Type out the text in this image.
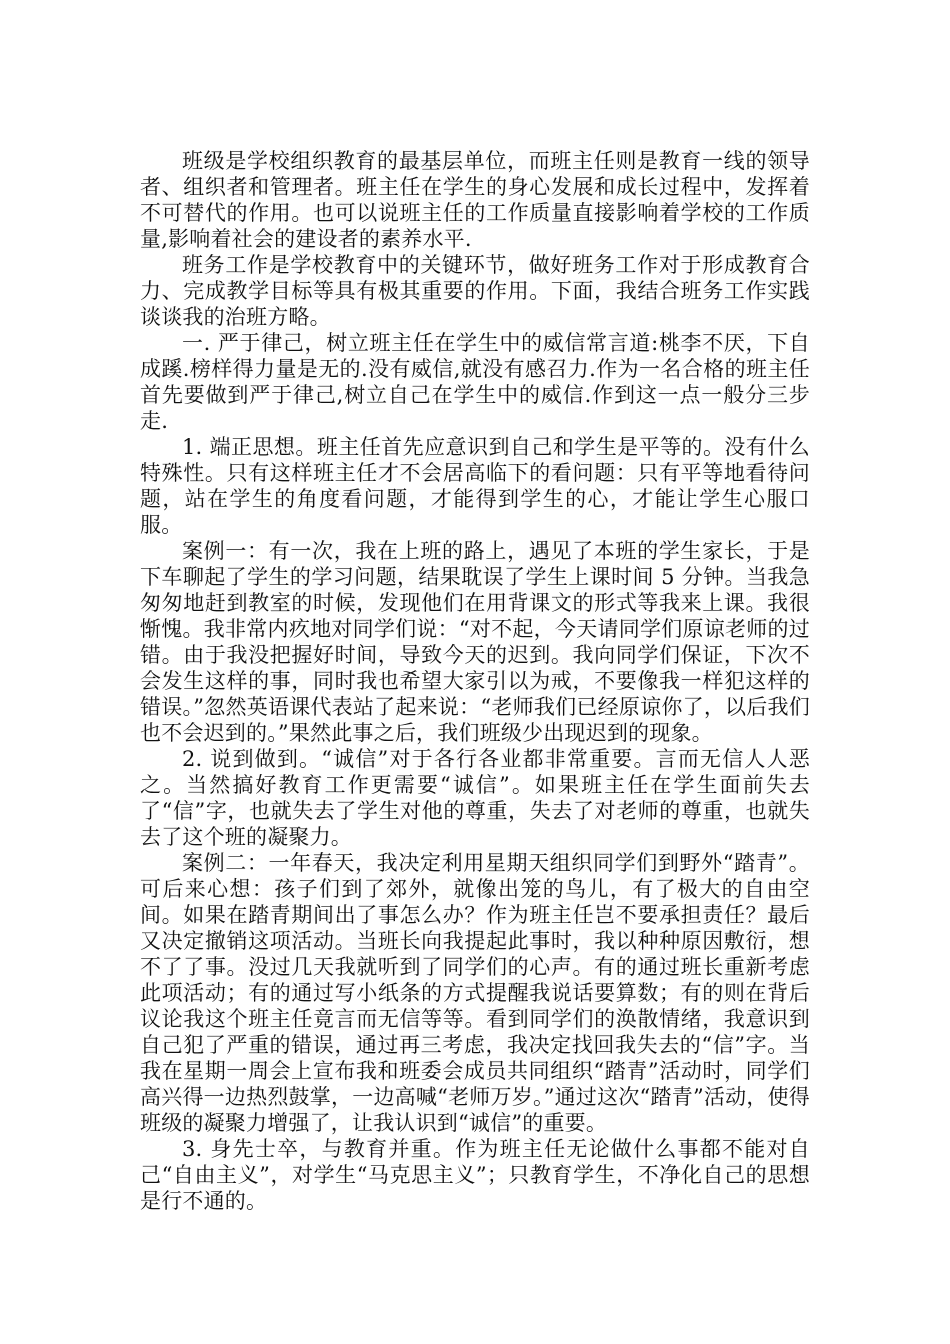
班级是学校组织教育的最基层单位，而班主任则是教育一线的领导者、组织者和管理者。班主任在学生的身心发展和成长过程中，发挥着不可替代的作用。也可以说班主任的工作质量直接影响着学校的工作质量,影响着社会的建设者的素养水平.

班务工作是学校教育中的关键环节，做好班务工作对于形成教育合力、完成教学目标等具有极其重要的作用。下面，我结合班务工作实践谈谈我的治班方略。

一. 严于律己，树立班主任在学生中的威信常言道:桃李不厌，下自成蹊.榜样得力量是无的.没有威信,就没有感召力.作为一名合格的班主任首先要做到严于律己,树立自己在学生中的威信.作到这一点一般分三步走.

1. 端正思想。班主任首先应意识到自己和学生是平等的。没有什么特殊性。只有这样班主任才不会居高临下的看问题：只有平等地看待问题，站在学生的角度看问题，才能得到学生的心，才能让学生心服口服。

案例一：有一次，我在上班的路上，遇见了本班的学生家长，于是下车聊起了学生的学习问题，结果耽误了学生上课时间 5 分钟。当我急匆匆地赶到教室的时候，发现他们在用背课文的形式等我来上课。我很惭愧。我非常内疚地对同学们说：“对不起，今天请同学们原谅老师的过错。由于我没把握好时间，导致今天的迟到。我向同学们保证，下次不会发生这样的事，同时我也希望大家引以为戒，不要像我一样犯这样的错误。”忽然英语课代表站了起来说：“老师我们已经原谅你了，以后我们也不会迟到的。”果然此事之后，我们班级少出现迟到的现象。

2. 说到做到。“诚信”对于各行各业都非常重要。言而无信人人恶之。当然搞好教育工作更需要“诚信”。如果班主任在学生面前失去了“信”字，也就失去了学生对他的尊重，失去了对老师的尊重，也就失去了这个班的凝聚力。

案例二：一年春天，我决定利用星期天组织同学们到野外“踏青”。可后来心想：孩子们到了郊外，就像出笼的鸟儿，有了极大的自由空间。如果在踏青期间出了事怎么办？作为班主任岂不要承担责任？最后又决定撤销这项活动。当班长向我提起此事时，我以种种原因敷衍，想不了了事。没过几天我就听到了同学们的心声。有的通过班长重新考虑此项活动；有的通过写小纸条的方式提醒我说话要算数；有的则在背后议论我这个班主任竟言而无信等等。看到同学们的涣散情绪，我意识到自己犯了严重的错误，通过再三考虑，我决定找回我失去的“信”字。当我在星期一周会上宣布我和班委会成员共同组织“踏青”活动时，同学们高兴得一边热烈鼓掌，一边高喊“老师万岁。”通过这次“踏青”活动，使得班级的凝聚力增强了，让我认识到“诚信”的重要。

3. 身先士卒，与教育并重。作为班主任无论做什么事都不能对自己“自由主义”，对学生“马克思主义”；只教育学生，不净化自己的思想是行不通的。
